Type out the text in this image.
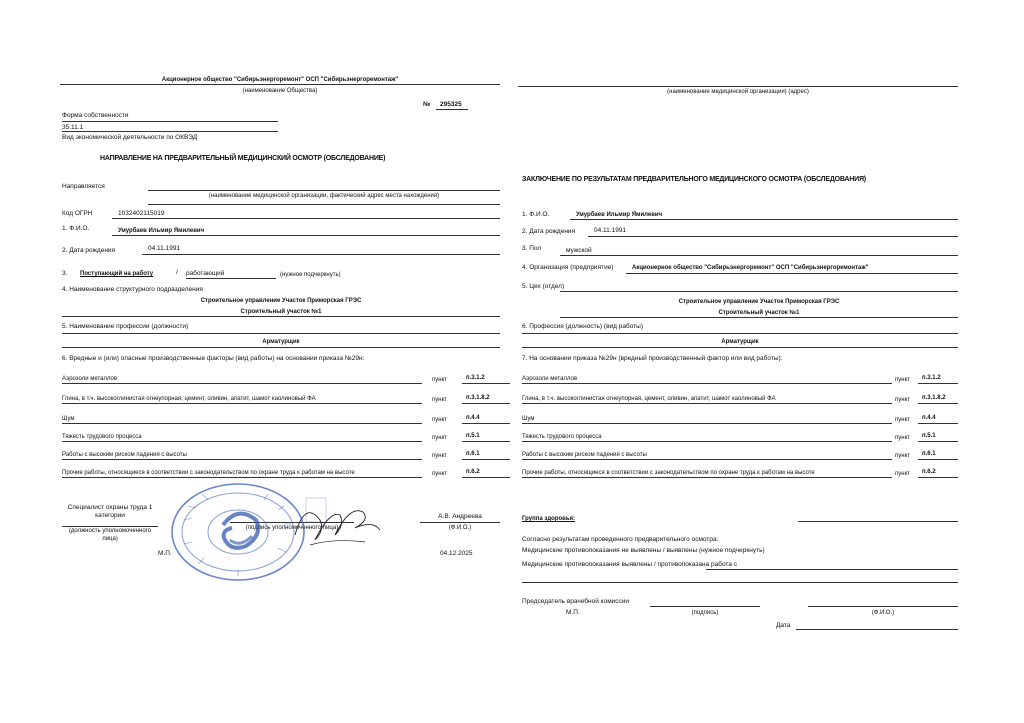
Акционерное общество "Сибирьэнергоремонт" ОСП "Сибирьэнергоремонтаж"
(наименование Общества)
№ 295325
Форма собственности
35.11.1
Вид экономической деятельности по ОКВЭД
НАПРАВЛЕНИЕ НА ПРЕДВАРИТЕЛЬНЫЙ МЕДИЦИНСКИЙ ОСМОТР (ОБСЛЕДОВАНИЕ)
Направляется
(наименование медицинской организации, фактический адрес места нахождения)
Код ОГРН	1032402115019
1. Ф.И.О.	Умурбаев Ильмир Ямилевич
2. Дата рождения	04.11.1991
3. Поступающий на работу	/ работающий	(нужное подчеркнуть)
4. Наименование структурного подразделения
Строительное управление Участок Приморская ГРЭС
Строительный участок №1
5. Наименование профессии (должности)
Арматурщик
6. Вредные и (или) опасные производственные факторы (вид работы) на основании приказа №29н:
Аэрозоли металлов	пункт	п.3.1.2
Глина, в т.ч. высокоглинистая огнеупорная, цемент, оливин, апатит, шамот каолиновый ФА	пункт	п.3.1.8.2
Шум	пункт	п.4.4
Тяжесть трудового процесса	пункт	п.5.1
Работы с высоким риском падения с высоты	пункт	п.6.1
Прочие работы, относящиеся в соответствии с законодательством по охране труда к работам на высоте	пункт	п.6.2
Специалист охраны труда 1 категории
(должность уполномоченного лица)
(подпись уполномоченного лица)
А.В. Андреева
(Ф.И.О.)
М.П.	04.12.2025
(наименование медицинской организации) (адрес)
ЗАКЛЮЧЕНИЕ ПО РЕЗУЛЬТАТАМ ПРЕДВАРИТЕЛЬНОГО МЕДИЦИНСКОГО ОСМОТРА (ОБСЛЕДОВАНИЯ)
1. Ф.И.О.	Умурбаев Ильмир Ямилевич
2. Дата рождения	04.11.1991
3. Пол	мужской
4. Организация (предприятие)	Акционерное общество "Сибирьэнергоремонт" ОСП "Сибирьэнергоремонтаж"
5. Цех (отдел)
Строительное управление Участок Приморская ГРЭС
Строительный участок №1
6. Профессия (должность) (вид работы)
Арматурщик
7. На основании приказа №29н (вредный производственный фактор или вид работы):
Аэрозоли металлов	пункт п.3.1.2
Глина, в т.ч. высокоглинистая огнеупорная, цемент, оливин, апатит, шамот каолиновый ФА	пункт п.3.1.8.2
Шум	пункт п.4.4
Тяжесть трудового процесса	пункт п.5.1
Работы с высоким риском падения с высоты	пункт п.6.1
Прочие работы, относящиеся в соответствии с законодательством по охране труда к работам на высоте	пункт п.6.2
Группа здоровья:
Согласно результатам проведенного предварительного осмотра:
Медицинские противопоказания не выявлены / выявлены (нужное подчеркнуть)
Медицинские противопоказания выявлены / противопоказана работа с
Председатель врачебной комиссии
М.П.	(подпись)	(Ф.И.О.)
Дата
